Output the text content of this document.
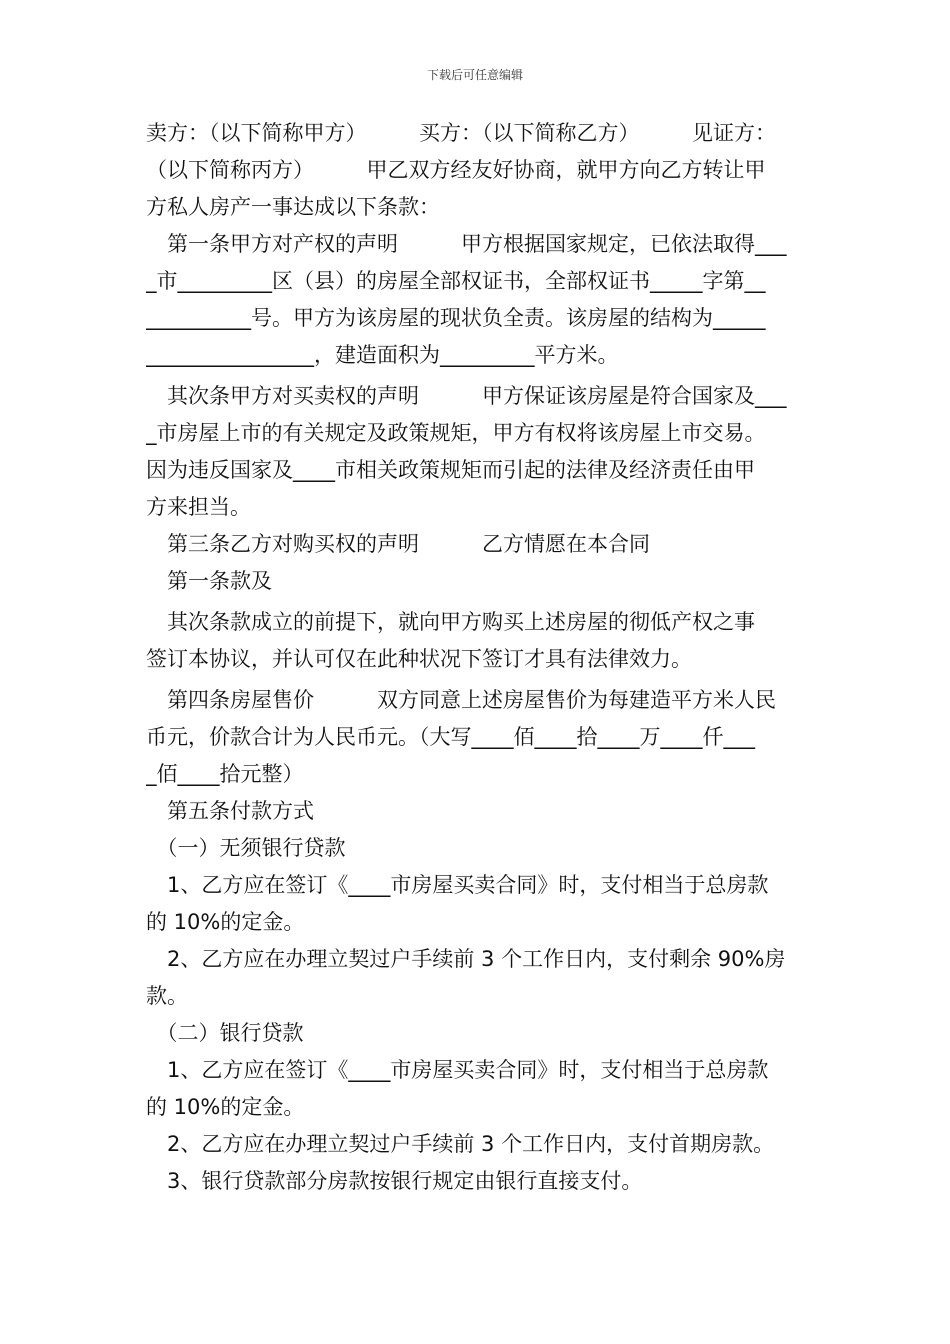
下载后可任意编辑
卖方：（以下简称甲方）　　　买方：（以下简称乙方）　　　见证方：
（以下简称丙方）　　　甲乙双方经友好协商，就甲方向乙方转让甲
方私人房产一事达成以下条款：
　第一条甲方对产权的声明　　　甲方根据国家规定，已依法取得___
_市_________区（县）的房屋全部权证书，全部权证书_____字第__
__________号。甲方为该房屋的现状负全责。该房屋的结构为_____
________________，建造面积为_________平方米。
　其次条甲方对买卖权的声明　　　甲方保证该房屋是符合国家及___
_市房屋上市的有关规定及政策规矩，甲方有权将该房屋上市交易。
因为违反国家及____市相关政策规矩而引起的法律及经济责任由甲
方来担当。
　第三条乙方对购买权的声明　　　乙方情愿在本合同
　第一条款及
　其次条款成立的前提下，就向甲方购买上述房屋的彻低产权之事
签订本协议，并认可仅在此种状况下签订才具有法律效力。
　第四条房屋售价　　　双方同意上述房屋售价为每建造平方米人民
币元，价款合计为人民币元。（大写____佰____拾____万____仟___
_佰____拾元整）
　第五条付款方式
　（一）无须银行贷款
　1、乙方应在签订《____市房屋买卖合同》时，支付相当于总房款
的 10%的定金。
　2、乙方应在办理立契过户手续前 3 个工作日内，支付剩余 90%房
款。
　（二）银行贷款
　1、乙方应在签订《____市房屋买卖合同》时，支付相当于总房款
的 10%的定金。
　2、乙方应在办理立契过户手续前 3 个工作日内，支付首期房款。
　3、银行贷款部分房款按银行规定由银行直接支付。
